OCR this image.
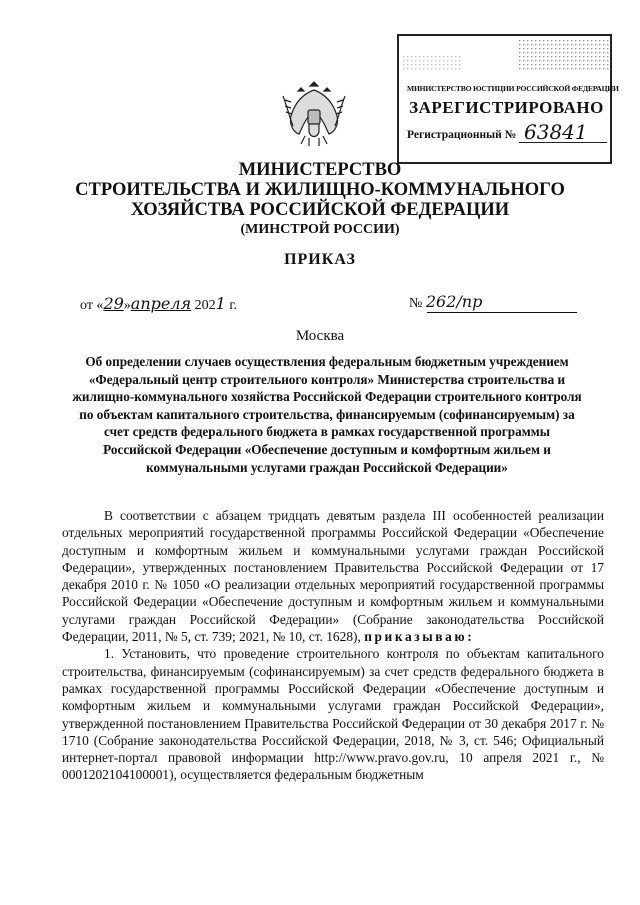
МИНИСТЕРСТВО ЮСТИЦИИ РОССИЙСКОЙ ФЕДЕРАЦИИ
ЗАРЕГИСТРИРОВАНО
Регистрационный № 63841
МИНИСТЕРСТВО
СТРОИТЕЛЬСТВА И ЖИЛИЩНО-КОММУНАЛЬНОГО
ХОЗЯЙСТВА РОССИЙСКОЙ ФЕДЕРАЦИИ
(МИНСТРОЙ РОССИИ)
ПРИКАЗ
от «29»апреля 2021 г.	№ 262/пр
Москва
Об определении случаев осуществления федеральным бюджетным учреждением «Федеральный центр строительного контроля» Министерства строительства и жилищно-коммунального хозяйства Российской Федерации строительного контроля по объектам капитального строительства, финансируемым (софинансируемым) за счет средств федерального бюджета в рамках государственной программы Российской Федерации «Обеспечение доступным и комфортным жильем и коммунальными услугами граждан Российской Федерации»

В соответствии с абзацем тридцать девятым раздела III особенностей реализации отдельных мероприятий государственной программы Российской Федерации «Обеспечение доступным и комфортным жильем и коммунальными услугами граждан Российской Федерации», утвержденных постановлением Правительства Российской Федерации от 17 декабря 2010 г. № 1050 «О реализации отдельных мероприятий государственной программы Российской Федерации «Обеспечение доступным и комфортным жильем и коммунальными услугами граждан Российской Федерации» (Собрание законодательства Российской Федерации, 2011, № 5, ст. 739; 2021, № 10, ст. 1628), приказываю:

1. Установить, что проведение строительного контроля по объектам капитального строительства, финансируемым (софинансируемым) за счет средств федерального бюджета в рамках государственной программы Российской Федерации «Обеспечение доступным и комфортным жильем и коммунальными услугами граждан Российской Федерации», утвержденной постановлением Правительства Российской Федерации от 30 декабря 2017 г. № 1710 (Собрание законодательства Российской Федерации, 2018, № 3, ст. 546; Официальный интернет-портал правовой информации http://www.pravo.gov.ru, 10 апреля 2021 г., № 0001202104100001), осуществляется федеральным бюджетным
